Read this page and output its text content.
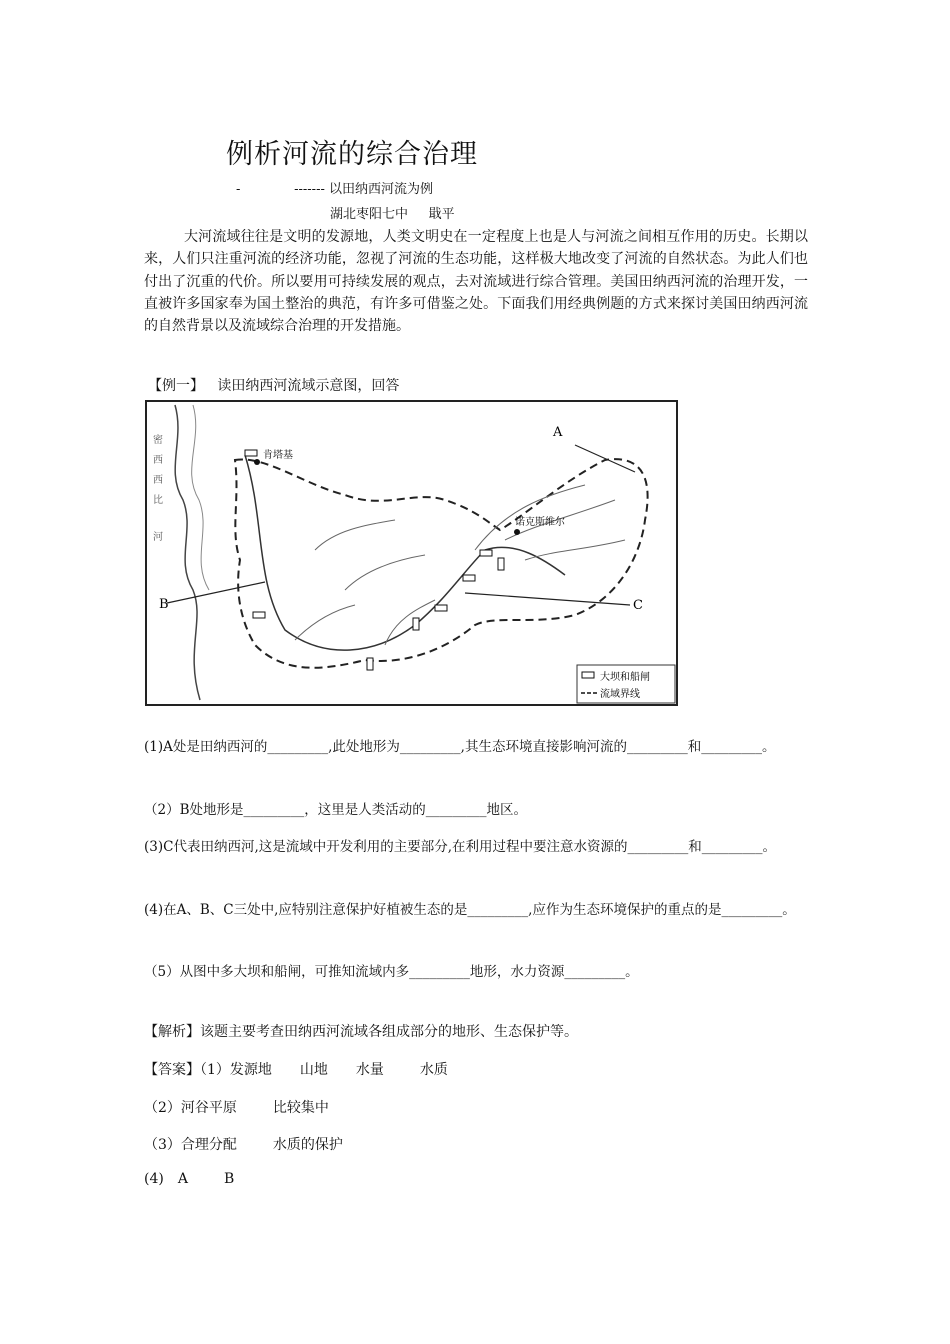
例析河流的综合治理
-             ------- 以田纳西河流为例
湖北枣阳七中     戢平
大河流域往往是文明的发源地，人类文明史在一定程度上也是人与河流之间相互作用的历史。长期以来，人们只注重河流的经济功能，忽视了河流的生态功能，这样极大地改变了河流的自然状态。为此人们也付出了沉重的代价。所以要用可持续发展的观点，去对流域进行综合管理。美国田纳西河流的治理开发，一直被许多国家奉为国土整治的典范，有许多可借鉴之处。下面我们用经典例题的方式来探讨美国田纳西河流的自然背景以及流域综合治理的开发措施。
【例一】   读田纳西河流域示意图，回答
肯塔基
诺克斯维尔
密
西
西
比
河
A
B	C
大坝和船闸
流域界线
(1)A处是田纳西河的_________,此处地形为_________,其生态环境直接影响河流的_________和_________。
（2）B处地形是_________，这里是人类活动的_________地区。
(3)C代表田纳西河,这是流域中开发利用的主要部分,在利用过程中要注意水资源的_________和_________。
(4)在A、B、C三处中,应特别注意保护好植被生态的是_________,应作为生态环境保护的重点的是_________。
（5）从图中多大坝和船闸，可推知流域内多_________地形，水力资源_________。
【解析】该题主要考查田纳西河流域各组成部分的地形、生态保护等。
【答案】（1）发源地 山地 水量	水质
（2）河谷平原	比较集中
（3）合理分配	水质的保护
(4) A	B
